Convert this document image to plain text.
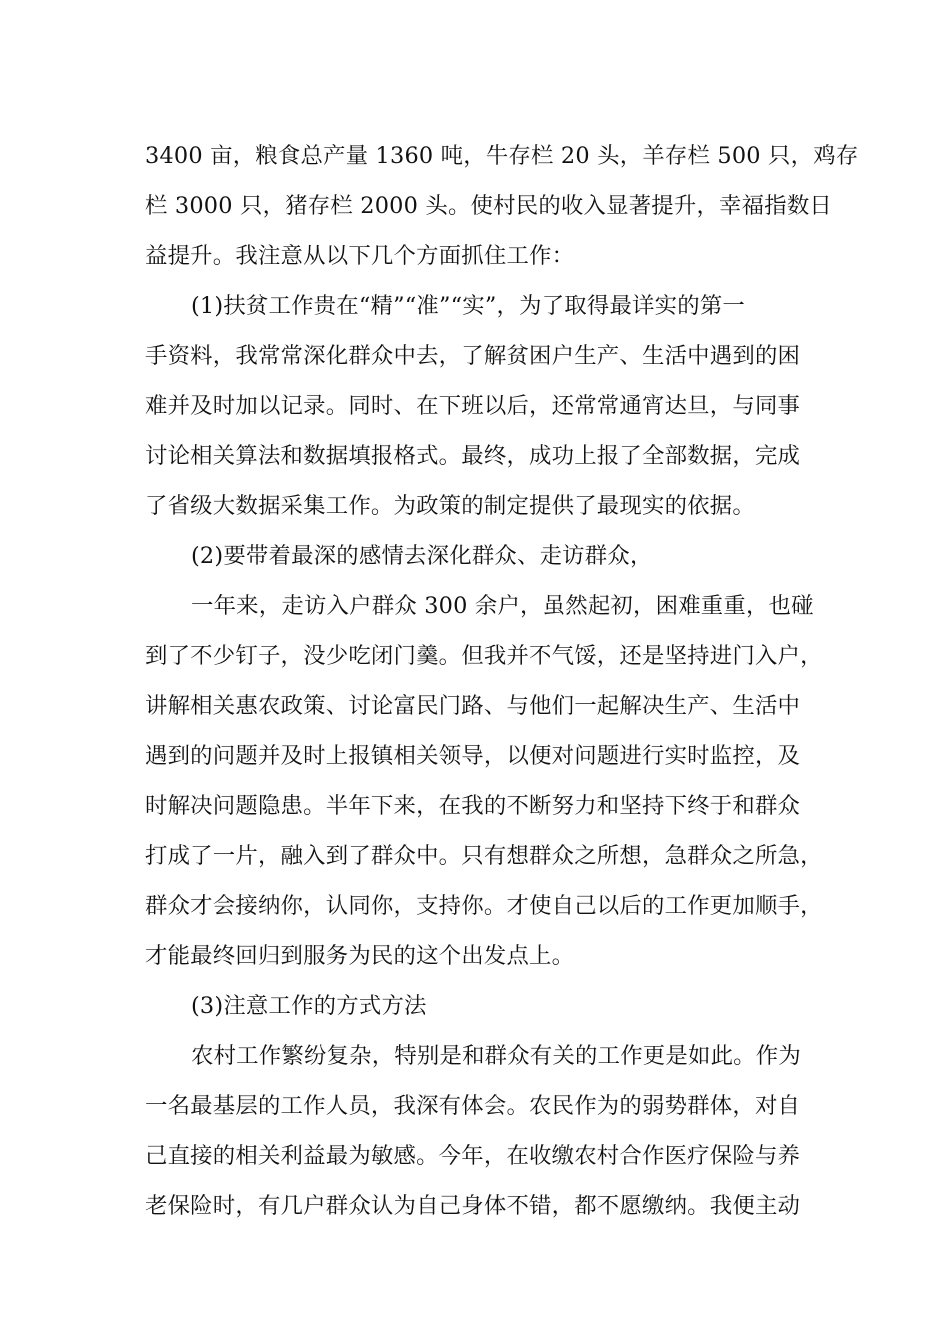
3400 亩，粮食总产量 1360 吨，牛存栏 20 头，羊存栏 500 只，鸡存
栏 3000 只，猪存栏 2000 头。使村民的收入显著提升，幸福指数日
益提升。我注意从以下几个方面抓住工作：
(1)扶贫工作贵在“精”“准”“实”，为了取得最详实的第一
手资料，我常常深化群众中去，了解贫困户生产、生活中遇到的困
难并及时加以记录。同时、在下班以后，还常常通宵达旦，与同事
讨论相关算法和数据填报格式。最终，成功上报了全部数据，完成
了省级大数据采集工作。为政策的制定提供了最现实的依据。
(2)要带着最深的感情去深化群众、走访群众，
一年来，走访入户群众 300 余户，虽然起初，困难重重，也碰
到了不少钉子，没少吃闭门羹。但我并不气馁，还是坚持进门入户，
讲解相关惠农政策、讨论富民门路、与他们一起解决生产、生活中
遇到的问题并及时上报镇相关领导，以便对问题进行实时监控，及
时解决问题隐患。半年下来，在我的不断努力和坚持下终于和群众
打成了一片，融入到了群众中。只有想群众之所想，急群众之所急，
群众才会接纳你，认同你，支持你。才使自己以后的工作更加顺手，
才能最终回归到服务为民的这个出发点上。
(3)注意工作的方式方法
农村工作繁纷复杂，特别是和群众有关的工作更是如此。作为
一名最基层的工作人员，我深有体会。农民作为的弱势群体，对自
己直接的相关利益最为敏感。今年，在收缴农村合作医疗保险与养
老保险时，有几户群众认为自己身体不错，都不愿缴纳。我便主动
